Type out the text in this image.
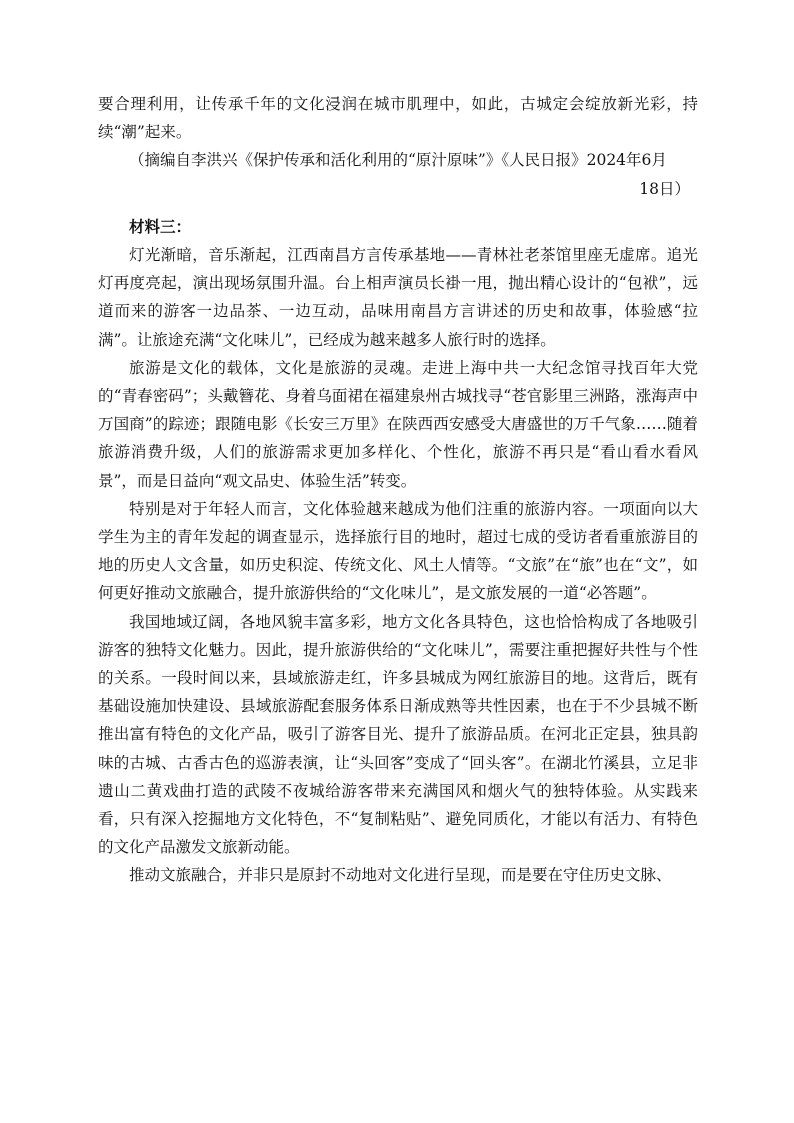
要合理利用，让传承千年的文化浸润在城市肌理中，如此，古城定会绽放新光彩，持续“潮”起来。

（摘编自李洪兴《保护传承和活化利用的“原汁原味”》《人民日报》2024年6月

18日）

材料三：

灯光渐暗，音乐渐起，江西南昌方言传承基地——青林社老茶馆里座无虚席。追光灯再度亮起，演出现场氛围升温。台上相声演员长褂一甩，抛出精心设计的“包袱”，远道而来的游客一边品茶、一边互动，品味用南昌方言讲述的历史和故事，体验感“拉满”。让旅途充满“文化味儿”，已经成为越来越多人旅行时的选择。

旅游是文化的载体，文化是旅游的灵魂。走进上海中共一大纪念馆寻找百年大党的“青春密码”；头戴簪花、身着乌面裙在福建泉州古城找寻“苍官影里三洲路，涨海声中万国商”的踪迹；跟随电影《长安三万里》在陕西西安感受大唐盛世的万千气象……随着旅游消费升级，人们的旅游需求更加多样化、个性化，旅游不再只是“看山看水看风景”，而是日益向“观文品史、体验生活”转变。

特别是对于年轻人而言，文化体验越来越成为他们注重的旅游内容。一项面向以大学生为主的青年发起的调查显示，选择旅行目的地时，超过七成的受访者看重旅游目的地的历史人文含量，如历史积淀、传统文化、风土人情等。“文旅”在“旅”也在“文”，如何更好推动文旅融合，提升旅游供给的“文化味儿”，是文旅发展的一道“必答题”。

我国地域辽阔，各地风貌丰富多彩，地方文化各具特色，这也恰恰构成了各地吸引游客的独特文化魅力。因此，提升旅游供给的“文化味儿”，需要注重把握好共性与个性的关系。一段时间以来，县域旅游走红，许多县城成为网红旅游目的地。这背后，既有基础设施加快建设、县域旅游配套服务体系日渐成熟等共性因素，也在于不少县城不断推出富有特色的文化产品，吸引了游客目光、提升了旅游品质。在河北正定县，独具韵味的古城、古香古色的巡游表演，让“头回客”变成了“回头客”。在湖北竹溪县，立足非遗山二黄戏曲打造的武陵不夜城给游客带来充满国风和烟火气的独特体验。从实践来看，只有深入挖掘地方文化特色，不“复制粘贴”、避免同质化，才能以有活力、有特色的文化产品激发文旅新动能。

推动文旅融合，并非只是原封不动地对文化进行呈现，而是要在守住历史文脉、
